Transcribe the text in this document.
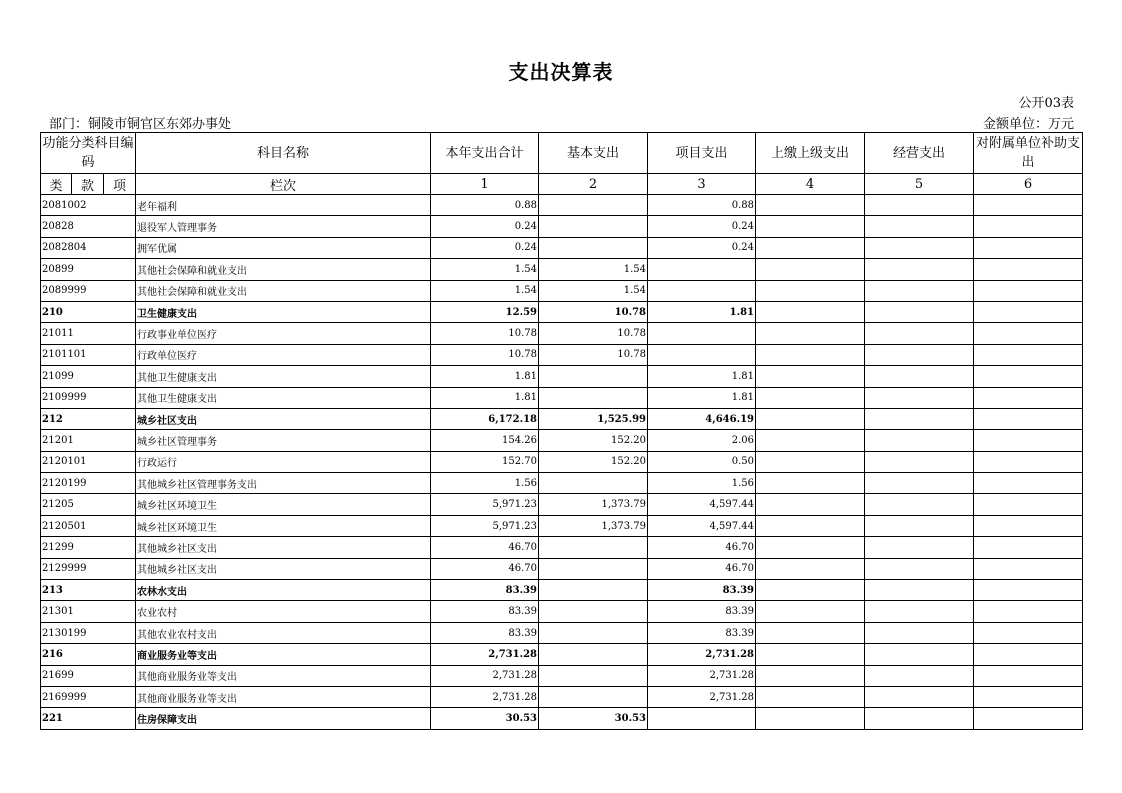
支出决算表
公开03表
部门：铜陵市铜官区东郊办事处	金额单位：万元
功能分类科目编码			科目名称	本年支出合计	基本支出	项目支出	上缴上级支出	经营支出	对附属单位补助支出
类	款	项	栏次	1	2	3	4	5	6
2081002			老年福利	0.88		0.88			
20828			退役军人管理事务	0.24		0.24			
2082804			拥军优属	0.24		0.24			
20899			其他社会保障和就业支出	1.54	1.54				
2089999			其他社会保障和就业支出	1.54	1.54				
210			卫生健康支出	12.59	10.78	1.81			
21011			行政事业单位医疗	10.78	10.78				
2101101			行政单位医疗	10.78	10.78				
21099			其他卫生健康支出	1.81		1.81			
2109999			其他卫生健康支出	1.81		1.81			
212			城乡社区支出	6,172.18	1,525.99	4,646.19			
21201			城乡社区管理事务	154.26	152.20	2.06			
2120101			行政运行	152.70	152.20	0.50			
2120199			其他城乡社区管理事务支出	1.56		1.56			
21205			城乡社区环境卫生	5,971.23	1,373.79	4,597.44			
2120501			城乡社区环境卫生	5,971.23	1,373.79	4,597.44			
21299			其他城乡社区支出	46.70		46.70			
2129999			其他城乡社区支出	46.70		46.70			
213			农林水支出	83.39		83.39			
21301			农业农村	83.39		83.39			
2130199			其他农业农村支出	83.39		83.39			
216			商业服务业等支出	2,731.28		2,731.28			
21699			其他商业服务业等支出	2,731.28		2,731.28			
2169999			其他商业服务业等支出	2,731.28		2,731.28			
221			住房保障支出	30.53	30.53				
